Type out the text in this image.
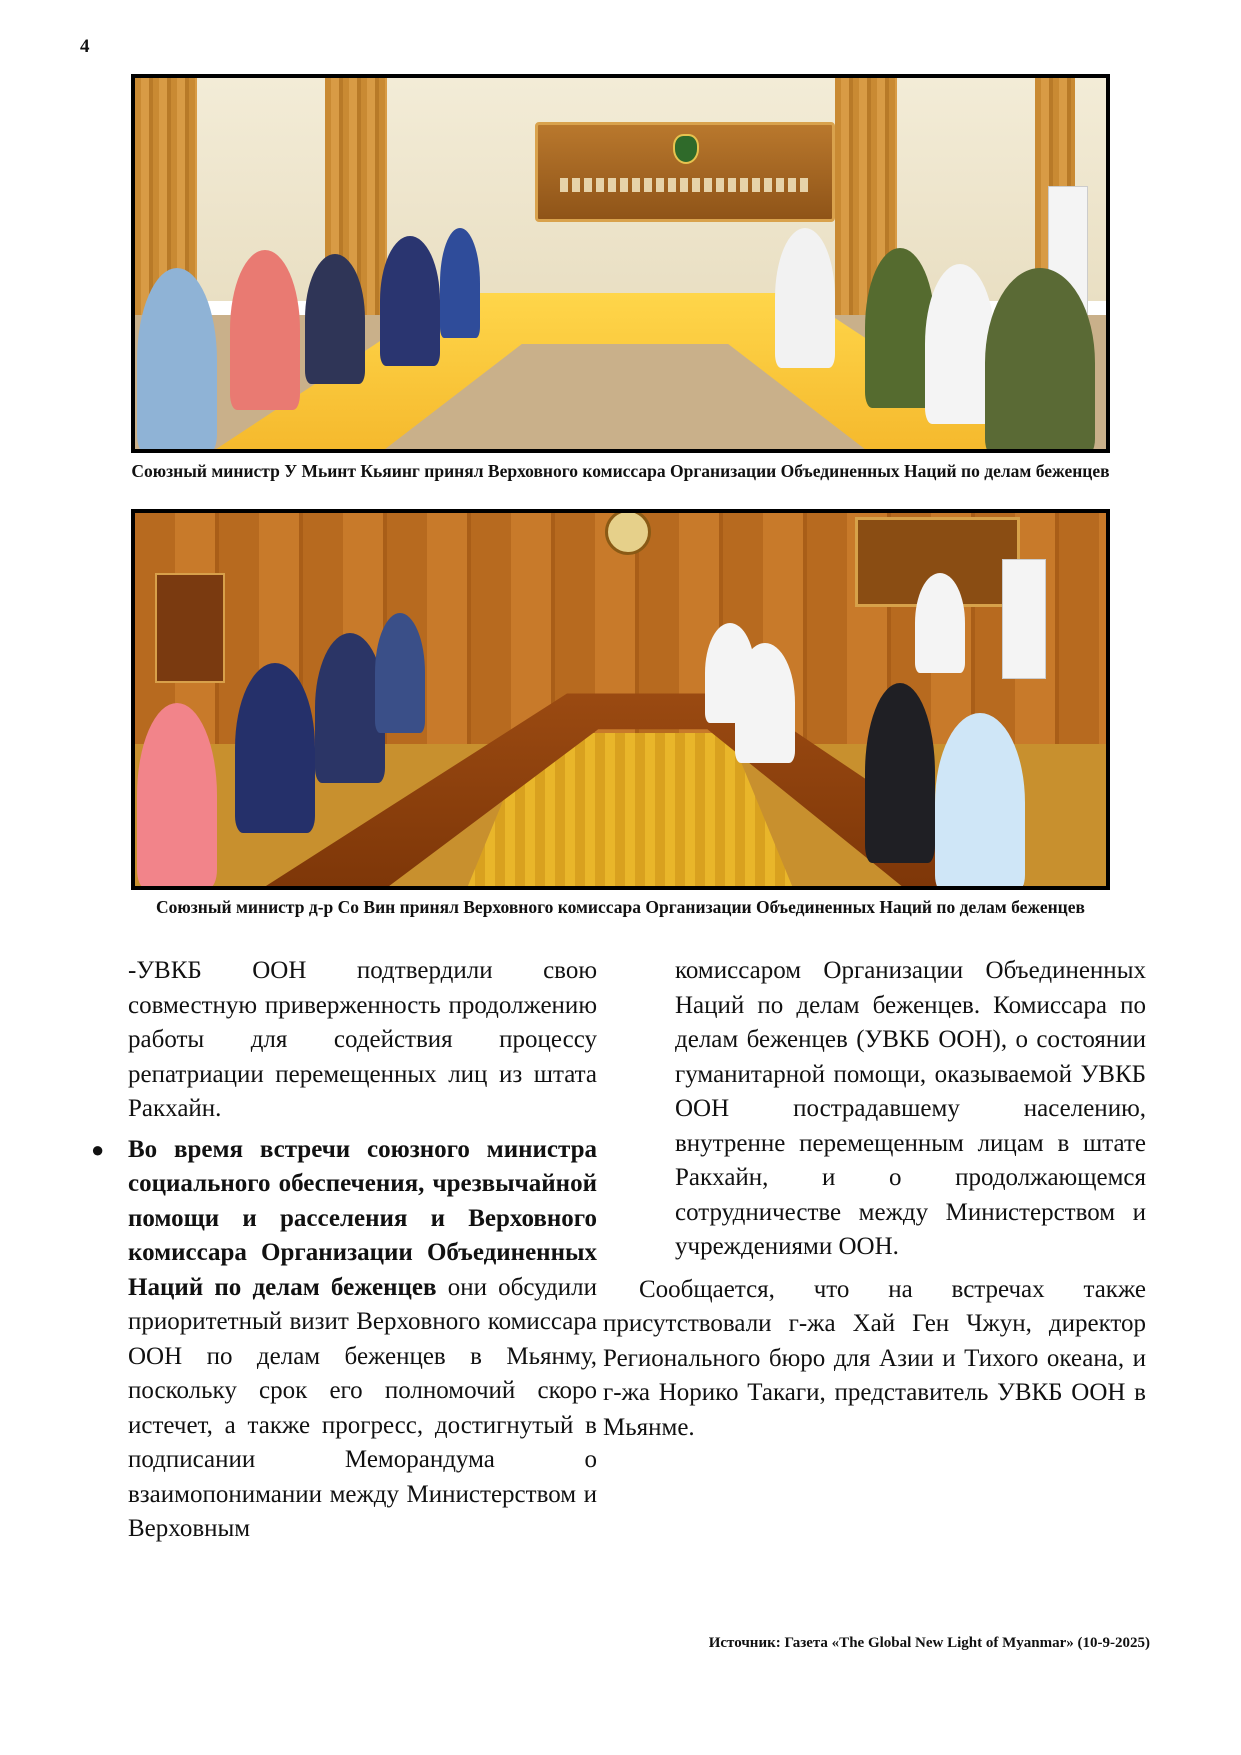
4
Союзный министр У Мьинт Кьяинг принял Верховного комиссара Организации Объединенных Наций по делам беженцев
Союзный министр д-р Со Вин принял Верховного комиссара Организации Объединенных Наций по делам беженцев

-УВКБ ООН подтвердили свою совместную приверженность продолжению работы для содействия процессу репатриации перемещенных лиц из штата Ракхайн.

● Во время встречи союзного министра социального обеспечения, чрезвычайной помощи и расселения и Верховного комиссара Организации Объединенных Наций по делам беженцев они обсудили приоритетный визит Верховного комиссара ООН по делам беженцев в Мьянму, поскольку срок его полномочий скоро истечет, а также прогресс, достигнутый в подписании Меморандума о взаимопонимании между Министерством и Верховным

комиссаром Организации Объединенных Наций по делам беженцев. Комиссара по делам беженцев (УВКБ ООН), о состоянии гуманитарной помощи, оказываемой УВКБ ООН пострадавшему населению, внутренне перемещенным лицам в штате Ракхайн, и о продолжающемся сотрудничестве между Министерством и учреждениями ООН.

Сообщается, что на встречах также присутствовали г-жа Хай Ген Чжун, директор Регионального бюро для Азии и Тихого океана, и г-жа Норико Такаги, представитель УВКБ ООН в Мьянме.

Источник: Газета «The Global New Light of Myanmar» (10-9-2025)
